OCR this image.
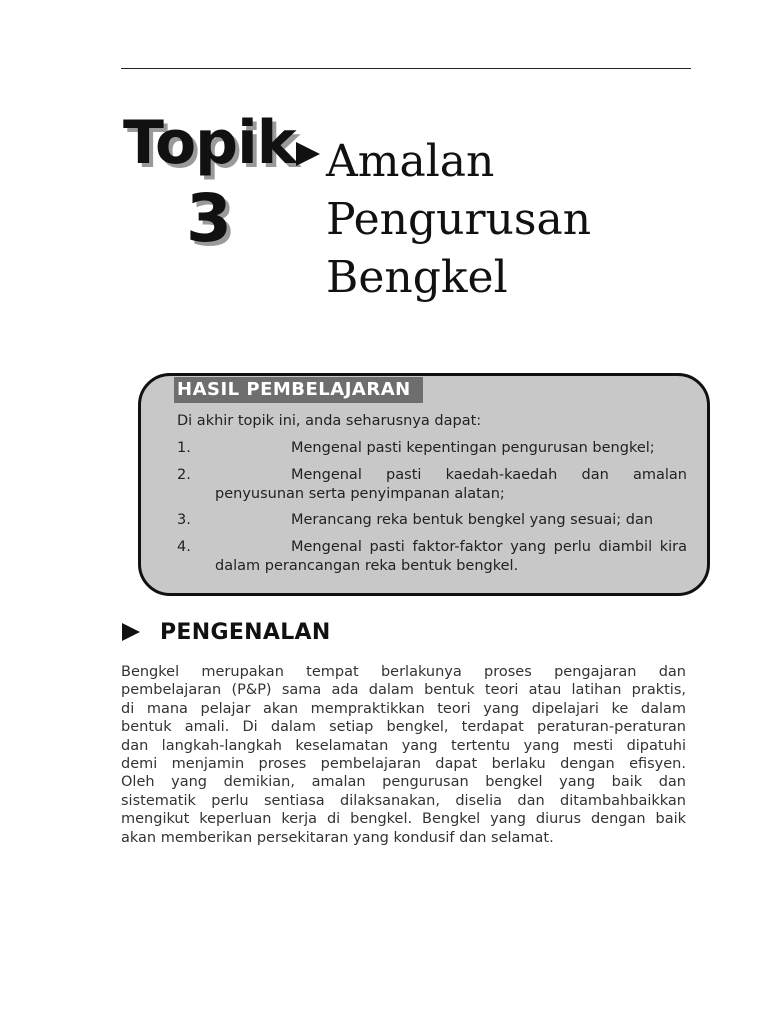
Topik
3
Amalan
Pengurusan
Bengkel
HASIL PEMBELAJARAN
Di akhir topik ini, anda seharusnya dapat:
1.	Mengenal pasti kepentingan pengurusan bengkel;
2.	Mengenal pasti kaedah-kaedah dan amalan
penyusunan serta penyimpanan alatan;
3.	Merancang reka bentuk bengkel yang sesuai; dan
4.	Mengenal pasti faktor-faktor yang perlu diambil kira
dalam perancangan reka bentuk bengkel.
PENGENALAN
Bengkel merupakan tempat berlakunya proses pengajaran dan
pembelajaran (P&P) sama ada dalam bentuk teori atau latihan praktis,
di mana pelajar akan mempraktikkan teori yang dipelajari ke dalam
bentuk amali. Di dalam setiap bengkel, terdapat peraturan-peraturan
dan langkah-langkah keselamatan yang tertentu yang mesti dipatuhi
demi menjamin proses pembelajaran dapat berlaku dengan efisyen.
Oleh yang demikian, amalan pengurusan bengkel yang baik dan
sistematik perlu sentiasa dilaksanakan, diselia dan ditambahbaikkan
mengikut keperluan kerja di bengkel. Bengkel yang diurus dengan baik
akan memberikan persekitaran yang kondusif dan selamat.
